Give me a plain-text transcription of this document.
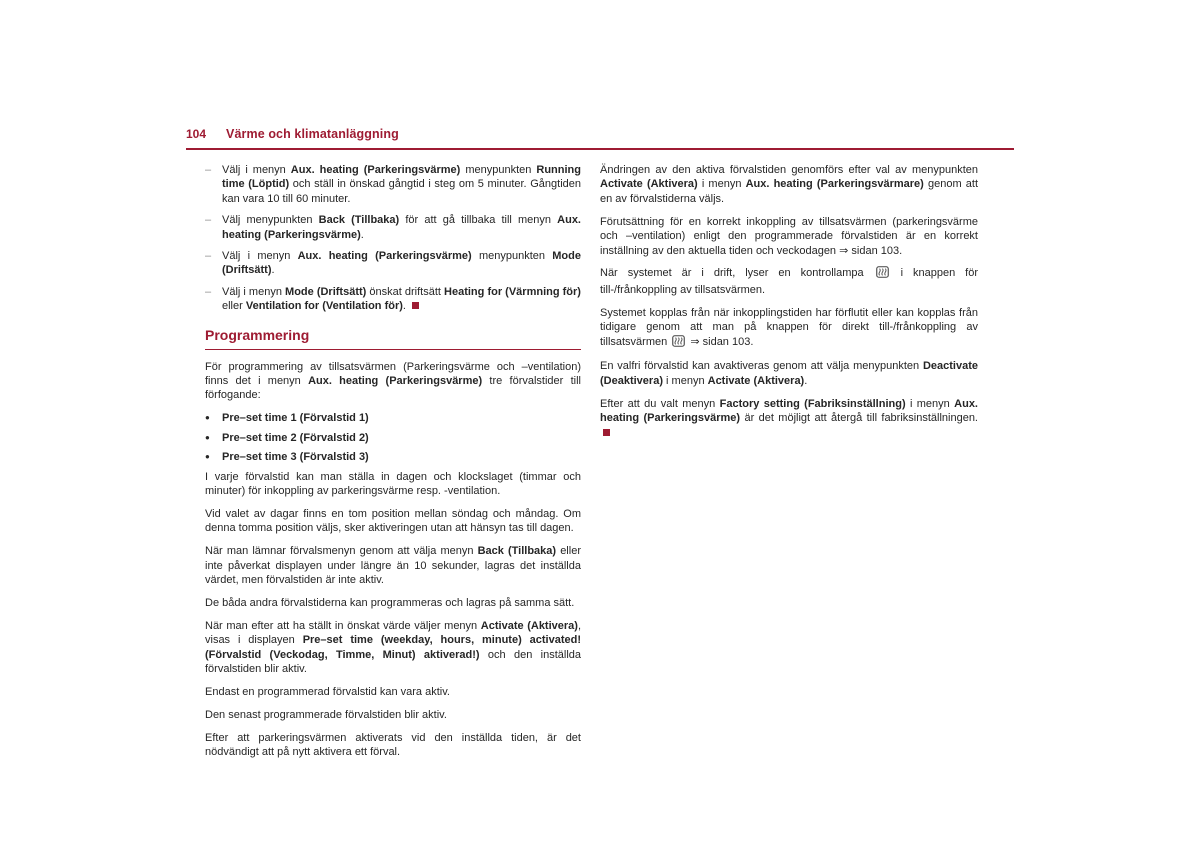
104 Värme och klimatanläggning
– Välj i menyn Aux. heating (Parkeringsvärme) menypunkten Running time (Löptid) och ställ in önskad gångtid i steg om 5 minuter. Gångtiden kan vara 10 till 60 minuter.
– Välj menypunkten Back (Tillbaka) för att gå tillbaka till menyn Aux. heating (Parkeringsvärme).
– Välj i menyn Aux. heating (Parkeringsvärme) menypunkten Mode (Driftsätt).
– Välj i menyn Mode (Driftsätt) önskat driftsätt Heating for (Värmning för) eller Ventilation for (Ventilation för).
Programmering

För programmering av tillsatsvärmen (Parkeringsvärme och –ventilation) finns det i menyn Aux. heating (Parkeringsvärme) tre förvalstider till förfogande:

●	Pre–set time 1 (Förvalstid 1)
●	Pre–set time 2 (Förvalstid 2)
●	Pre–set time 3 (Förvalstid 3)

I varje förvalstid kan man ställa in dagen och klockslaget (timmar och minuter) för inkoppling av parkeringsvärme resp. -ventilation.

Vid valet av dagar finns en tom position mellan söndag och måndag. Om denna tomma position väljs, sker aktiveringen utan att hänsyn tas till dagen.

När man lämnar förvalsmenyn genom att välja menyn Back (Tillbaka) eller inte påverkat displayen under längre än 10 sekunder, lagras det inställda värdet, men förvalstiden är inte aktiv.

De båda andra förvalstiderna kan programmeras och lagras på samma sätt.

När man efter att ha ställt in önskat värde väljer menyn Activate (Aktivera), visas i displayen Pre–set time (weekday, hours, minute) activated! (Förvalstid (Veckodag, Timme, Minut) aktiverad!) och den inställda förvalstiden blir aktiv.

Endast en programmerad förvalstid kan vara aktiv.

Den senast programmerade förvalstiden blir aktiv.

Efter att parkeringsvärmen aktiverats vid den inställda tiden, är det nödvändigt att på nytt aktivera ett förval.

Ändringen av den aktiva förvalstiden genomförs efter val av menypunkten Activate (Aktivera) i menyn Aux. heating (Parkeringsvärmare) genom att en av förvalstiderna väljs.

Förutsättning för en korrekt inkoppling av tillsatsvärmen (parkeringsvärme och –ventilation) enligt den programmerade förvalstiden är en korrekt inställning av den aktuella tiden och veckodagen ⇒ sidan 103.

När systemet är i drift, lyser en kontrollampa  i knappen för till-/frånkoppling av tillsatsvärmen.

Systemet kopplas från när inkopplingstiden har förflutit eller kan kopplas från tidigare genom att man på knappen för direkt till-/frånkoppling av tillsatsvärmen  ⇒ sidan 103.

En valfri förvalstid kan avaktiveras genom att välja menypunkten Deactivate (Deaktivera) i menyn Activate (Aktivera).

Efter att du valt menyn Factory setting (Fabriksinställning) i menyn Aux. heating (Parkeringsvärme) är det möjligt att återgå till fabriksinställningen.
